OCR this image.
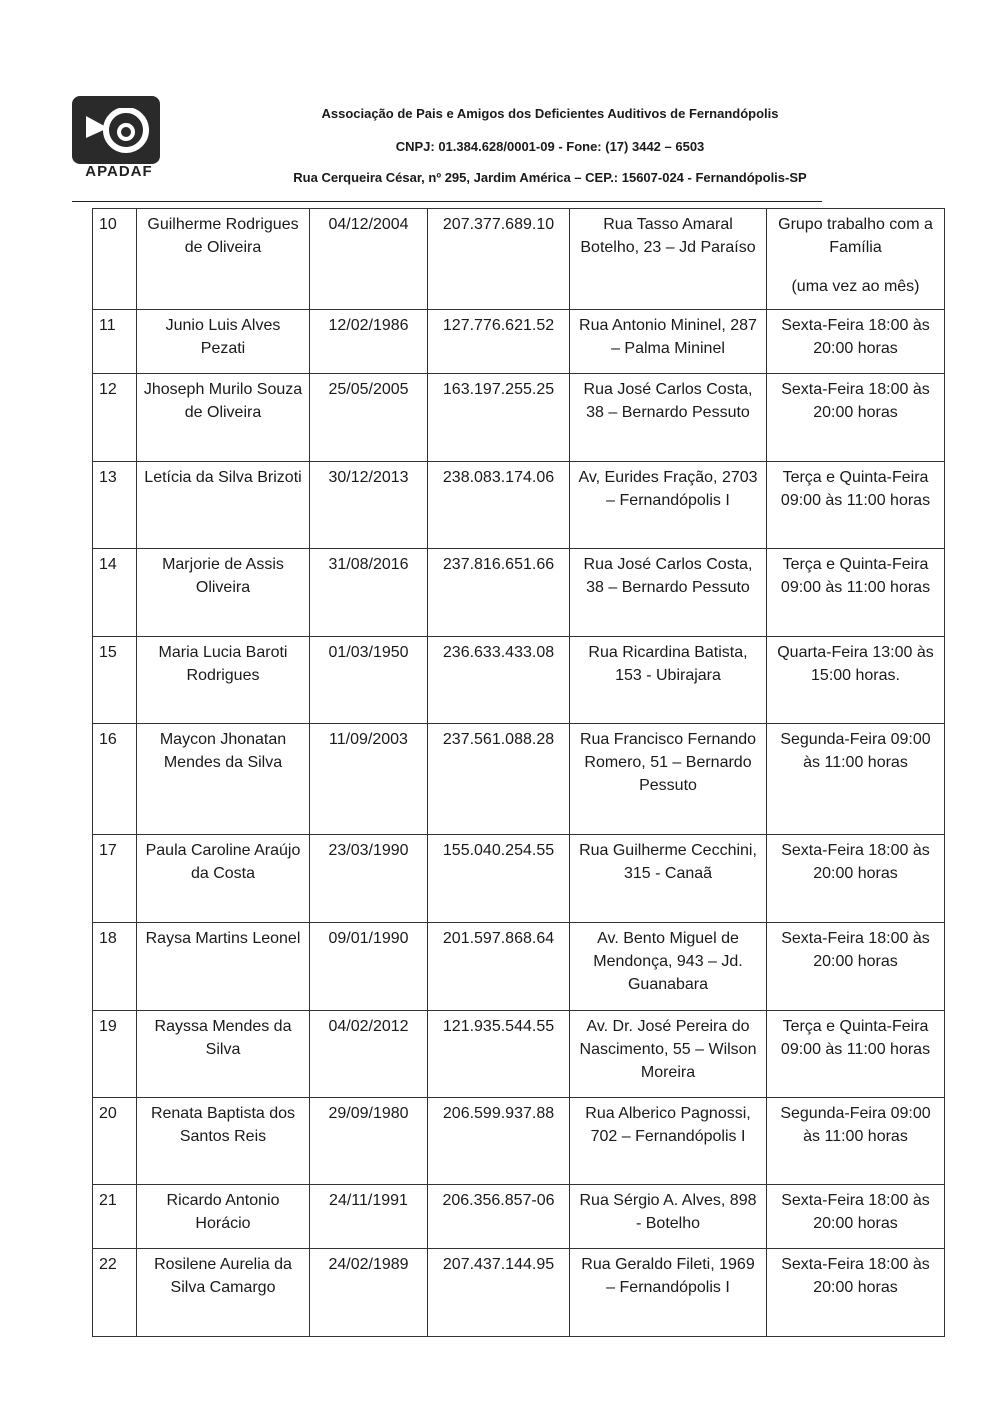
APADAF
Associação de Pais e Amigos dos Deficientes Auditivos de Fernandópolis
CNPJ: 01.384.628/0001-09 - Fone: (17) 3442 – 6503
Rua Cerqueira César, nº 295, Jardim América – CEP.: 15607-024 - Fernandópolis-SP
10	Guilherme Rodrigues de Oliveira	04/12/2004	207.377.689.10	Rua Tasso Amaral Botelho, 23 – Jd Paraíso	Grupo trabalho com a Família
(uma vez ao mês)
11	Junio Luis Alves Pezati	12/02/1986	127.776.621.52	Rua Antonio Mininel, 287 – Palma Mininel	Sexta-Feira 18:00 às 20:00 horas
12	Jhoseph Murilo Souza de Oliveira	25/05/2005	163.197.255.25	Rua José Carlos Costa, 38 – Bernardo Pessuto	Sexta-Feira 18:00 às 20:00 horas
13	Letícia da Silva Brizoti	30/12/2013	238.083.174.06	Av, Eurides Fração, 2703 – Fernandópolis I	Terça e Quinta-Feira 09:00 às 11:00 horas
14	Marjorie de Assis Oliveira	31/08/2016	237.816.651.66	Rua José Carlos Costa, 38 – Bernardo Pessuto	Terça e Quinta-Feira 09:00 às 11:00 horas
15	Maria Lucia Baroti Rodrigues	01/03/1950	236.633.433.08	Rua Ricardina Batista, 153 - Ubirajara	Quarta-Feira 13:00 às 15:00 horas.
16	Maycon Jhonatan Mendes da Silva	11/09/2003	237.561.088.28	Rua Francisco Fernando Romero, 51 – Bernardo Pessuto	Segunda-Feira 09:00 às 11:00 horas
17	Paula Caroline Araújo da Costa	23/03/1990	155.040.254.55	Rua Guilherme Cecchini, 315 - Canaã	Sexta-Feira 18:00 às 20:00 horas
18	Raysa Martins Leonel	09/01/1990	201.597.868.64	Av. Bento Miguel de Mendonça, 943 – Jd. Guanabara	Sexta-Feira 18:00 às 20:00 horas
19	Rayssa Mendes da Silva	04/02/2012	121.935.544.55	Av. Dr. José Pereira do Nascimento, 55 – Wilson Moreira	Terça e Quinta-Feira 09:00 às 11:00 horas
20	Renata Baptista dos Santos Reis	29/09/1980	206.599.937.88	Rua Alberico Pagnossi, 702 – Fernandópolis I	Segunda-Feira 09:00 às 11:00 horas
21	Ricardo Antonio Horácio	24/11/1991	206.356.857-06	Rua Sérgio A. Alves, 898 - Botelho	Sexta-Feira 18:00 às 20:00 horas
22	Rosilene Aurelia da Silva Camargo	24/02/1989	207.437.144.95	Rua Geraldo Fileti, 1969 – Fernandópolis I	Sexta-Feira 18:00 às 20:00 horas
